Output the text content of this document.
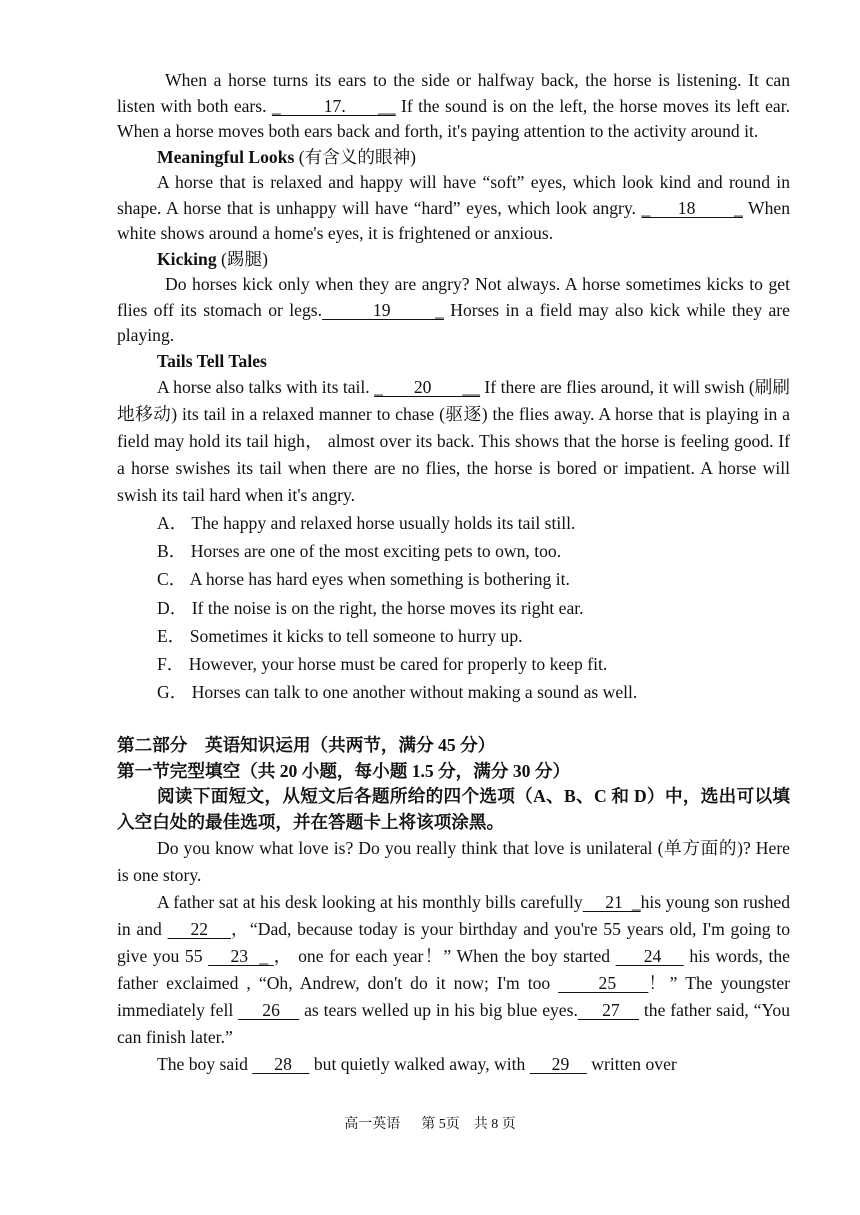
When a horse turns its ears to the side or halfway back, the horse is listening. It can listen with both ears. _        17.      __ If the sound is on the left, the horse moves its left ear. When a horse moves both ears back and forth, it's paying attention to the activity around it.

Meaningful Looks (有含义的眼神)

A horse that is relaxed and happy will have “soft” eyes, which look kind and round in shape. A horse that is unhappy will have “hard” eyes, which look angry. _     18       _ When white shows around a home's eyes, it is frightened or anxious.

Kicking (踢腿)

Do horses kick only when they are angry? Not always. A horse sometimes kicks to get flies off its stomach or legs.        19       _ Horses in a field may also kick while they are playing.

Tails Tell Tales

A horse also talks with its tail. _       20       __ If there are flies around, it will swish (刷刷地移动) its tail in a relaxed manner to chase (驱逐) the flies away. A horse that is playing in a field may hold its tail high， almost over its back. This shows that the horse is feeling good. If a horse swishes its tail when there are no flies, the horse is bored or impatient. A horse will swish its tail hard when it's angry.

A． The happy and relaxed horse usually holds its tail still.

B． Horses are one of the most exciting pets to own, too.

C． A horse has hard eyes when something is bothering it.

D． If the noise is on the right, the horse moves its right ear.

E． Sometimes it kicks to tell someone to hurry up.

F． However, your horse must be cared for properly to keep fit.

G． Horses can talk to one another without making a sound as well.

第二部分　英语知识运用（共两节，满分 45 分）

第一节完型填空（共 20 小题，每小题 1.5 分，满分 30 分）

阅读下面短文，从短文后各题所给的四个选项（A、B、C 和 D）中，选出可以填入空白处的最佳选项，并在答题卡上将该项涂黑。

Do you know what love is? Do you really think that love is unilateral (单方面的)? Here is one story.

A father sat at his desk looking at his monthly bills carefully     21  _his young son rushed in and     22    ，“Dad, because today is your birthday and you're 55 years old, I'm going to give you 55     23  _ ， one for each year！” When the boy started      24     his words, the father exclaimed , “Oh, Andrew, don't do it now; I'm too      25    ！” The youngster immediately fell      26     as tears welled up in his big blue eyes.     27     the father said, “You can finish later.”

The boy said      28     but quietly walked away, with      29     written over

高一英语      第 5页    共 8 页
